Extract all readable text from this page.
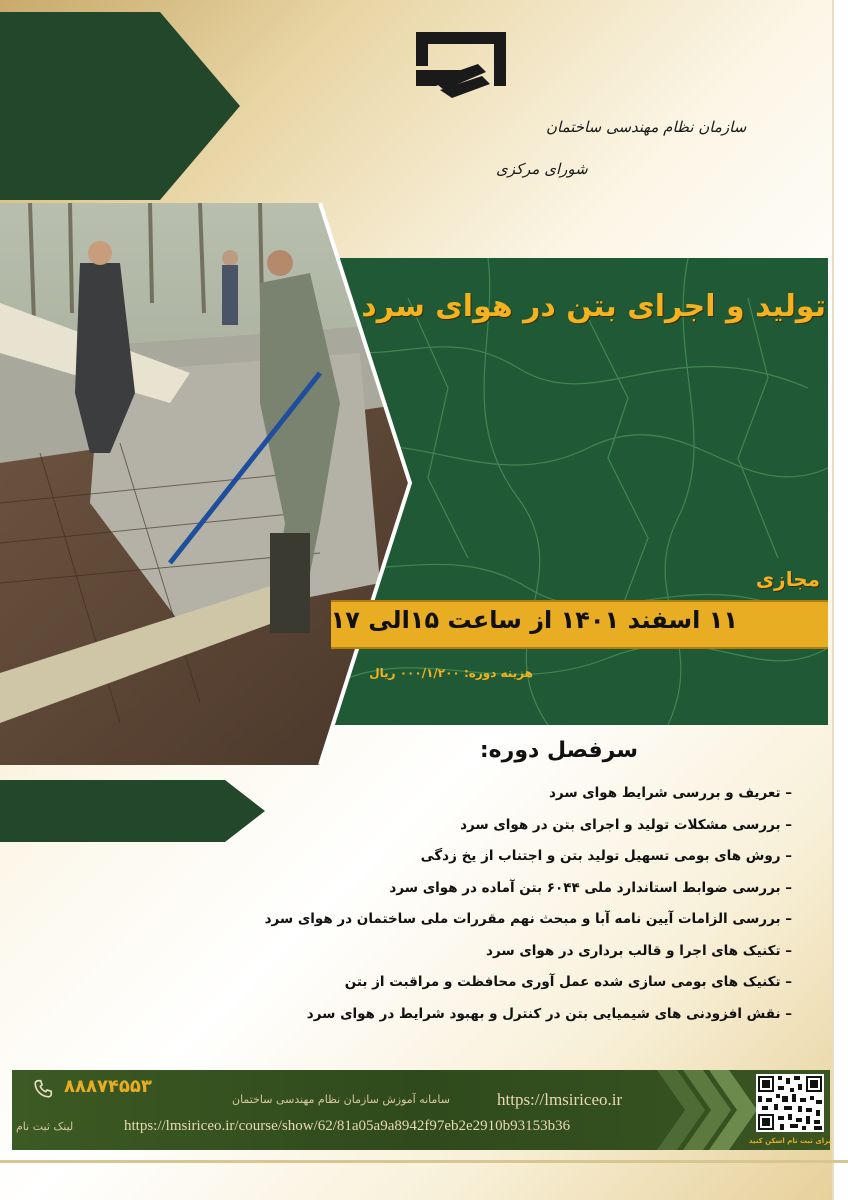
سازمان نظام مهندسی ساختمان
شورای مرکزی
تولید و اجرای بتن در هوای سرد
مجازی
۱۱ اسفند ۱۴۰۱ از ساعت ۱۵الی ۱۷
هزینه دوره: ۰۰۰/۱/۲۰۰ ریال
سرفصل دوره:
– تعریف و بررسی شرایط هوای سرد
– بررسی مشکلات تولید و اجرای بتن در هوای سرد
– روش های بومی تسهیل تولید بتن و اجتناب از یخ زدگی
– بررسی ضوابط استاندارد ملی ۶۰۴۴ بتن آماده در هوای سرد
– بررسی الزامات آیین نامه آبا و مبحث نهم مقررات ملی ساختمان در هوای سرد
– تکنیک های اجرا و قالب برداری در هوای سرد
– تکنیک های بومی سازی شده عمل آوری محافظت و مراقبت از بتن
– نقش افزودنی های شیمیایی بتن در کنترل و بهبود شرایط در هوای سرد
۸۸۸۷۴۵۵۳
سامانه آموزش سازمان نظام مهندسی ساختمان	https://lmsiriceo.ir
https://lmsiriceo.ir/course/show/62/81a05a9a8942f97eb2e2910b93153b36
لینک ثبت نام
برای ثبت نام اسکن کنید
